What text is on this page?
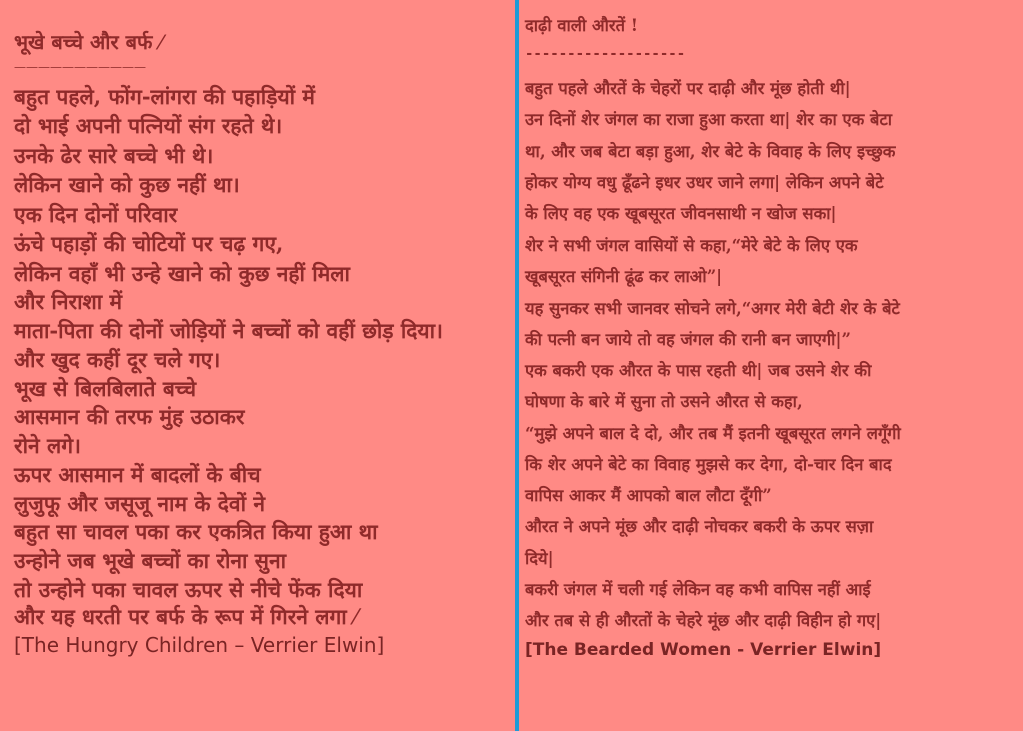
भूखे बच्चे और बर्फ ⁄
———————————
बहुत पहले, फोंग-लांगरा की पहाड़ियों में
दो भाई अपनी पत्नियों संग रहते थे।
उनके ढेर सारे बच्चे भी थे।
लेकिन खाने को कुछ नहीं था।
एक दिन दोनों परिवार
ऊंचे पहाड़ों की चोटियों पर चढ़ गए,
लेकिन वहाँ भी उन्हे खाने को कुछ नहीं मिला
और निराशा में
माता-पिता की दोनों जोड़ियों ने बच्चों को वहीं छोड़ दिया।
और खुद कहीं दूर चले गए।
भूख से बिलबिलाते बच्चे
आसमान की तरफ मुंह उठाकर
रोने लगे।
ऊपर आसमान में बादलों के बीच
लुजुफू और जसूजू नाम के देवों ने
बहुत सा चावल पका कर एकत्रित किया हुआ था
उन्होने जब भूखे बच्चों का रोना सुना
तो उन्होने पका चावल ऊपर से नीचे फेंक दिया
और यह धरती पर बर्फ के रूप में गिरने लगा ⁄
[The Hungry Children – Verrier Elwin]
दाढ़ी वाली औरतें !
-------------------
बहुत पहले औरतें के चेहरों पर दाढ़ी और मूंछ होती थी|
उन दिनों शेर जंगल का राजा हुआ करता था| शेर का एक बेटा
था, और जब बेटा बड़ा हुआ, शेर बेटे के विवाह के लिए इच्छुक
होकर योग्य वधु ढूँढने इधर उधर जाने लगा| लेकिन अपने बेटे
के लिए वह एक खूबसूरत जीवनसाथी न खोज सका|
शेर ने सभी जंगल वासियों से कहा,“मेरे बेटे के लिए एक
खूबसूरत संगिनी ढूंढ कर लाओ”|
यह सुनकर सभी जानवर सोचने लगे,“अगर मेरी बेटी शेर के बेटे
की पत्नी बन जाये तो वह जंगल की रानी बन जाएगी|”
एक बकरी एक औरत के पास रहती थी| जब उसने शेर की
घोषणा के बारे में सुना तो उसने औरत से कहा,
“मुझे अपने बाल दे दो, और तब मैं इतनी खूबसूरत लगने लगूँगी
कि शेर अपने बेटे का विवाह मुझसे कर देगा, दो-चार दिन बाद
वापिस आकर मैं आपको बाल लौटा दूँगी”
औरत ने अपने मूंछ और दाढ़ी नोचकर बकरी के ऊपर सज़ा
दिये|
बकरी जंगल में चली गई लेकिन वह कभी वापिस नहीं आई
और तब से ही औरतों के चेहरे मूंछ और दाढ़ी विहीन हो गए|
[The Bearded Women - Verrier Elwin]
